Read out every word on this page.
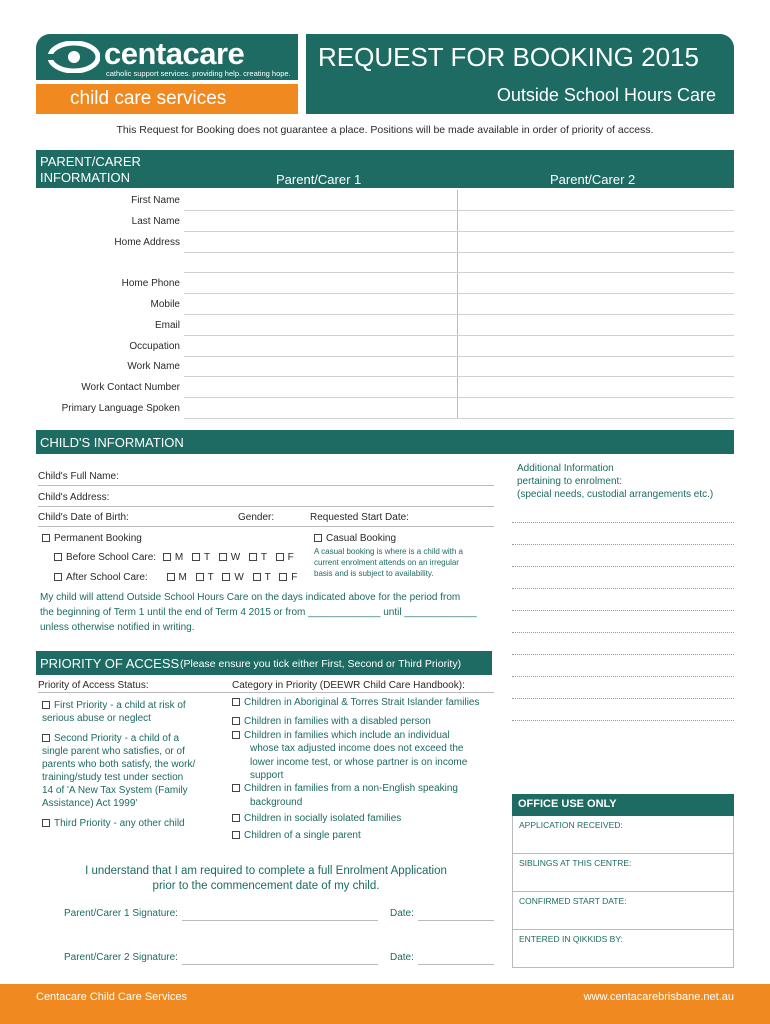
centacare
catholic support services. providing help. creating hope.
child care services
REQUEST FOR BOOKING 2015
Outside School Hours Care
This Request for Booking does not guarantee a place. Positions will be made available in order of priority of access.
PARENT/CARER
INFORMATION	Parent/Carer 1	Parent/Carer 2
First Name
Last Name
Home Address
Home Phone
Mobile
Email
Occupation
Work Name
Work Contact Number
Primary Language Spoken
CHILD'S INFORMATION
Child's Full Name:
Child's Address:
Child's Date of Birth:	Gender:	Requested Start Date:
Additional Information
pertaining to enrolment:
(special needs, custodial arrangements etc.)
Permanent Booking
Before School Care: M T W T F
After School Care:	M T W T F
Casual Booking
A casual booking is where is a child with a
current enrolment attends on an irregular
basis and is subject to availability.
My child will attend Outside School Hours Care on the days indicated above for the period from
the beginning of Term 1 until the end of Term 4 2015 or from _____________ until _____________
unless otherwise notified in writing.
PRIORITY OF ACCESS (Please ensure you tick either First, Second or Third Priority)
Priority of Access Status:	Category in Priority (DEEWR Child Care Handbook):
First Priority - a child at risk of
serious abuse or neglect
Second Priority - a child of a
single parent who satisfies, or of
parents who both satisfy, the work/
training/study test under section
14 of 'A New Tax System (Family
Assistance) Act 1999'
Third Priority - any other child
Children in Aboriginal & Torres Strait Islander families
Children in families with a disabled person
Children in families which include an individual
whose tax adjusted income does not exceed the
lower income test, or whose partner is on income
support
Children in families from a non-English speaking
background
Children in socially isolated families
Children of a single parent
I understand that I am required to complete a full Enrolment Application
prior to the commencement date of my child.
Parent/Carer 1 Signature:	Date:
Parent/Carer 2 Signature:	Date:
OFFICE USE ONLY
APPLICATION RECEIVED:
SIBLINGS AT THIS CENTRE:
CONFIRMED START DATE:
ENTERED IN QIKKIDS BY:
Centacare Child Care Services	www.centacarebrisbane.net.au
